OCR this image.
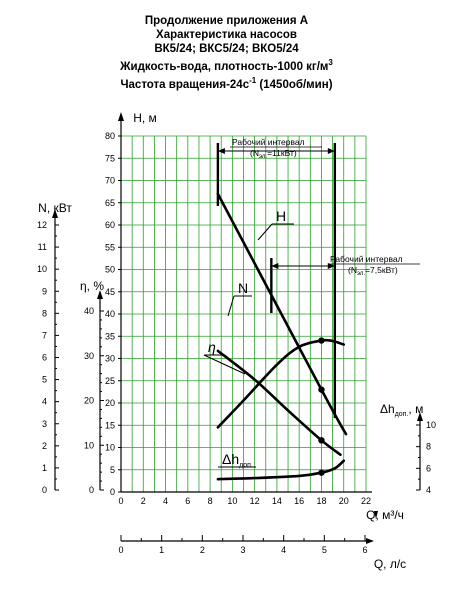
Продолжение приложения А
Характеристика насосов
ВК5/24; ВКС5/24; ВКО5/24
Жидкость-вода, плотность-1000 $кг/м^3$
Частота вращения-$24с^{-1}$ (1450об/мин)
0
5
10
15
20
25
30
35
40
45
50
55
60
65
70
75
80
H, м
0 2 4 6 8 10 12 14 16 18 20 22
Q, м³/ч
0	1	2	3	4	5	6
Q, л/с
0
1
2
3
4
5
6
7
8
9
10
11
12
N, кВт
0
10
20
30
40
η, %
4
6
8
10
$\Delta h_{доп.}$, м
H
N
η
$\Delta h_{доп.}$
Рабочий интервал
$(N_{эл.}=11кВт)$
Рабочий интервал
$(N_{эл.}=7,5кВт)$
